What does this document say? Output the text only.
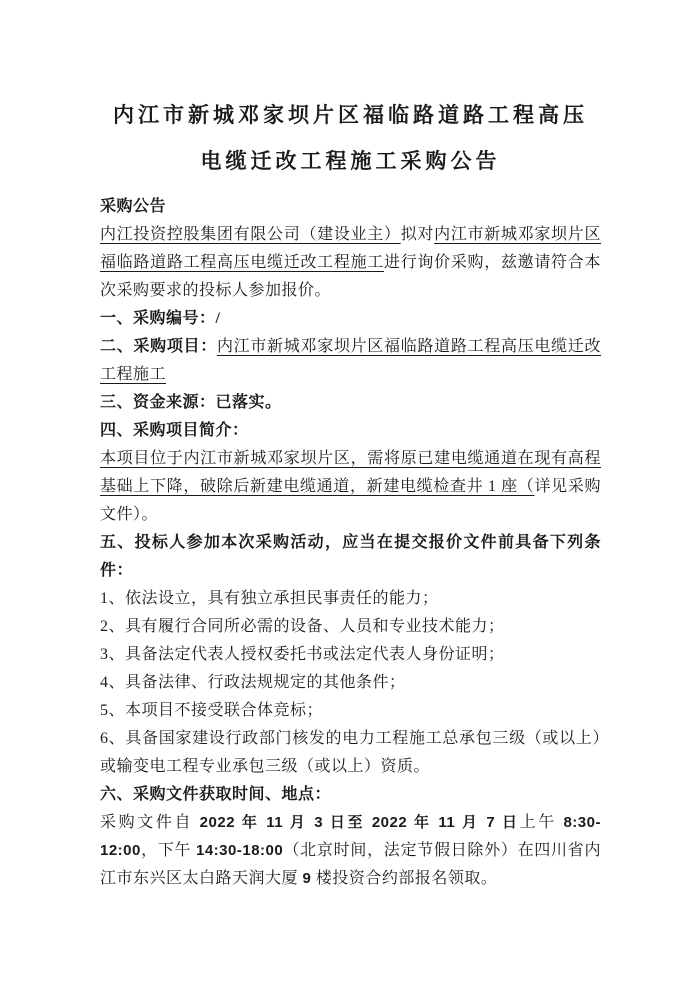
内江市新城邓家坝片区福临路道路工程高压
电缆迁改工程施工采购公告

采购公告

内江投资控股集团有限公司（建设业主）拟对内江市新城邓家坝片区福临路道路工程高压电缆迁改工程施工进行询价采购，兹邀请符合本次采购要求的投标人参加报价。

一、采购编号：/

二、采购项目：内江市新城邓家坝片区福临路道路工程高压电缆迁改工程施工

三、资金来源：已落实。

四、采购项目简介：

本项目位于内江市新城邓家坝片区，需将原已建电缆通道在现有高程基础上下降，破除后新建电缆通道，新建电缆检查井 1 座（详见采购文件）。

五、投标人参加本次采购活动，应当在提交报价文件前具备下列条件：

1、依法设立，具有独立承担民事责任的能力；

2、具有履行合同所必需的设备、人员和专业技术能力；

3、具备法定代表人授权委托书或法定代表人身份证明；

4、具备法律、行政法规规定的其他条件；

5、本项目不接受联合体竞标；

6、具备国家建设行政部门核发的电力工程施工总承包三级（或以上）或输变电工程专业承包三级（或以上）资质。

六、采购文件获取时间、地点：

采购文件自 2022 年 11 月 3 日至 2022 年 11 月 7 日上午 8:30-12:00，下午 14:30-18:00（北京时间，法定节假日除外）在四川省内江市东兴区太白路天润大厦 9 楼投资合约部报名领取。
